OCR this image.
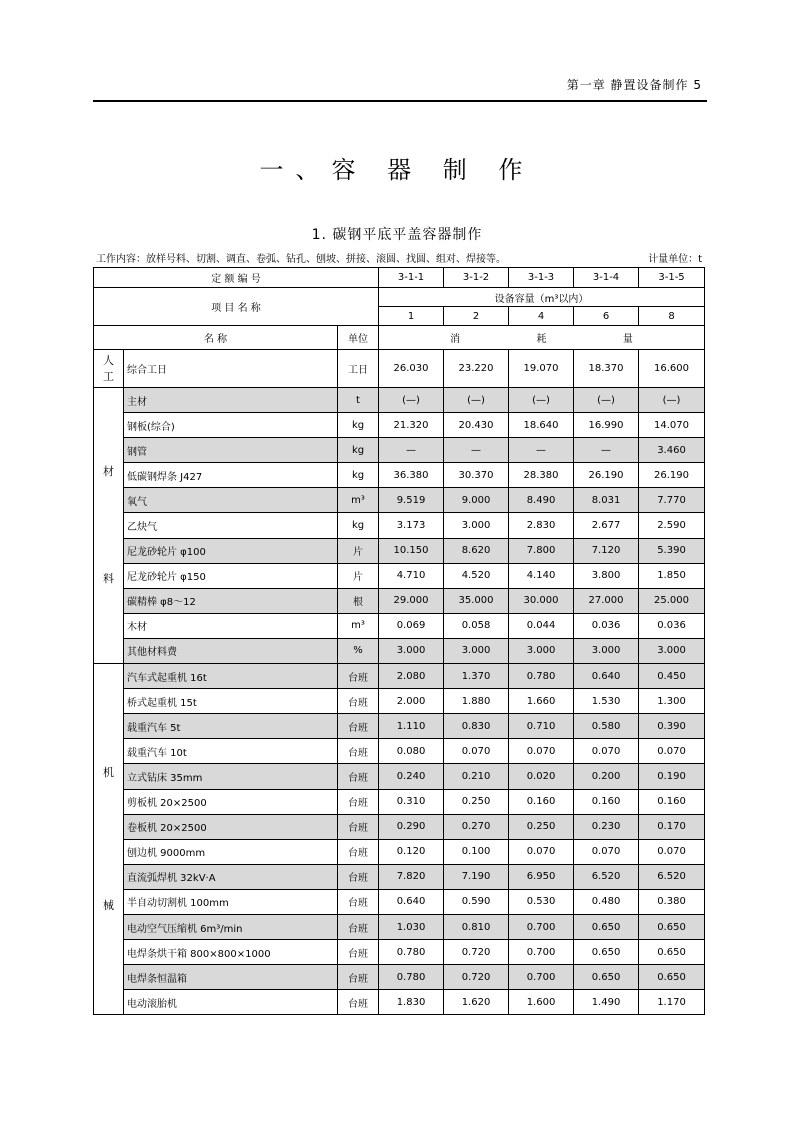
第一章 静置设备制作 5
一、容 器 制 作
1. 碳钢平底平盖容器制作
工作内容：放样号料、切割、调直、卷弧、钻孔、刨坡、拼接、滚圆、找圆、组对、焊接等。	计量单位：t
定 额 编 号			3-1-1	3-1-2	3-1-3	3-1-4	3-1-5
项 目 名 称			设备容量（m³以内）				
			1	2	4	6	8
名 称		单位	消 耗 量				

人
工	综合工日	工日	26.030	23.220	19.070	18.370	16.600

材
料	主材	t	(—)	(—)	(—)	(—)	(—)
	钢板(综合)	kg	21.320	20.430	18.640	16.990	14.070
	钢管	kg	—	—	—	—	3.460
	低碳钢焊条 J427	kg	36.380	30.370	28.380	26.190	26.190
	氧气	m³	9.519	9.000	8.490	8.031	7.770
	乙炔气	kg	3.173	3.000	2.830	2.677	2.590
	尼龙砂轮片 φ100	片	10.150	8.620	7.800	7.120	5.390
	尼龙砂轮片 φ150	片	4.710	4.520	4.140	3.800	1.850
	碳精棒 φ8～12	根	29.000	35.000	30.000	27.000	25.000
	木材	m³	0.069	0.058	0.044	0.036	0.036
	其他材料费	%	3.000	3.000	3.000	3.000	3.000

机
械	汽车式起重机 16t	台班	2.080	1.370	0.780	0.640	0.450
	桥式起重机 15t	台班	2.000	1.880	1.660	1.530	1.300
	载重汽车 5t	台班	1.110	0.830	0.710	0.580	0.390
	载重汽车 10t	台班	0.080	0.070	0.070	0.070	0.070
	立式钻床 35mm	台班	0.240	0.210	0.020	0.200	0.190
	剪板机 20×2500	台班	0.310	0.250	0.160	0.160	0.160
	卷板机 20×2500	台班	0.290	0.270	0.250	0.230	0.170
	刨边机 9000mm	台班	0.120	0.100	0.070	0.070	0.070
	直流弧焊机 32kV·A	台班	7.820	7.190	6.950	6.520	6.520
	半自动切割机 100mm	台班	0.640	0.590	0.530	0.480	0.380
	电动空气压缩机 6m³/min	台班	1.030	0.810	0.700	0.650	0.650
	电焊条烘干箱 800×800×1000	台班	0.780	0.720	0.700	0.650	0.650
	电焊条恒温箱	台班	0.780	0.720	0.700	0.650	0.650
	电动滚胎机	台班	1.830	1.620	1.600	1.490	1.170
